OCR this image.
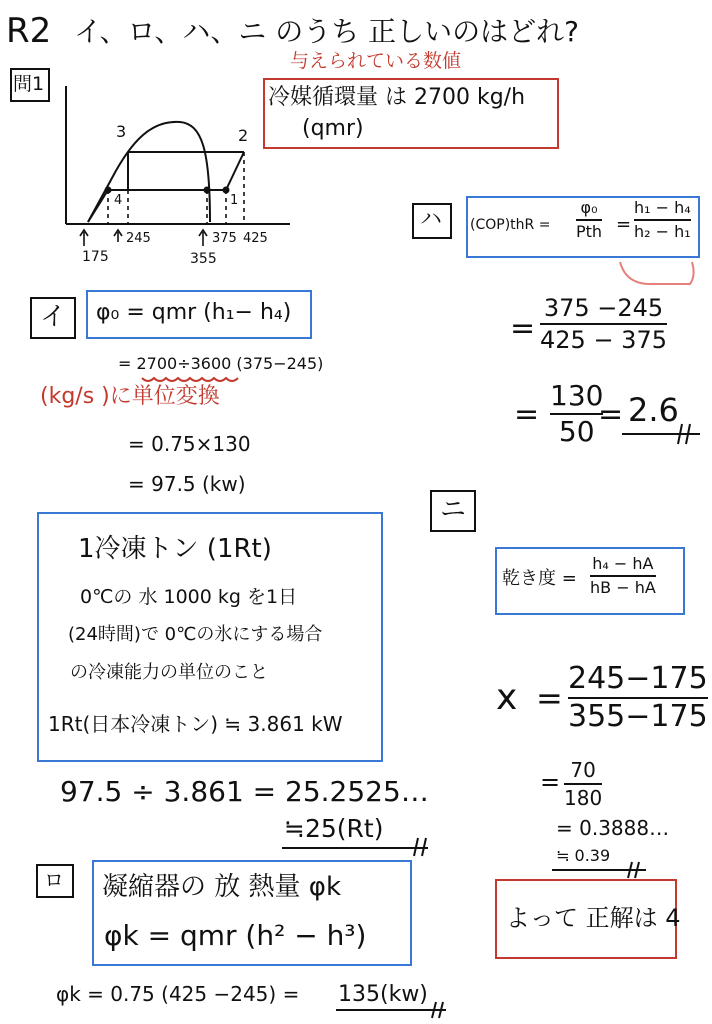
R2 イ、ロ、ハ、ニ のうち 正しいのはどれ?
問1
与えられている数値
冷媒循環量 は 2700 kg/h
(qmr)
3	2
4	1
175
245
355
375 425
イ φ₀ = qmr (h₁− h₄)
= 2700÷3600 (375−245)
(kg/s )に単位変換
= 0.75×130
= 97.5 (kw)
1冷凍トン (1Rt)
0℃の 水 1000 kg を1日
(24時間)で 0℃の氷にする場合
の冷凍能力の単位のこと
1Rt(日本冷凍トン) ≒ 3.861 kW
97.5 ÷ 3.861 = 25.2525…
≒25(Rt)
ロ 凝縮器の 放 熱量 φk
φk = qmr (h² − h³)
φk = 0.75 (425 −245) = 135(kw)
ハ (COP)thR =
φ₀
Pth =
h₁ − h₄
h₂ − h₁
=
375 −245
425 − 375
=
130
50 = 2.6
ニ
乾き度 =
h₄ − hA
hB − hA
x =
245−175
355−175
= 70
180
= 0.3888…
≒ 0.39
よって 正解は 4
